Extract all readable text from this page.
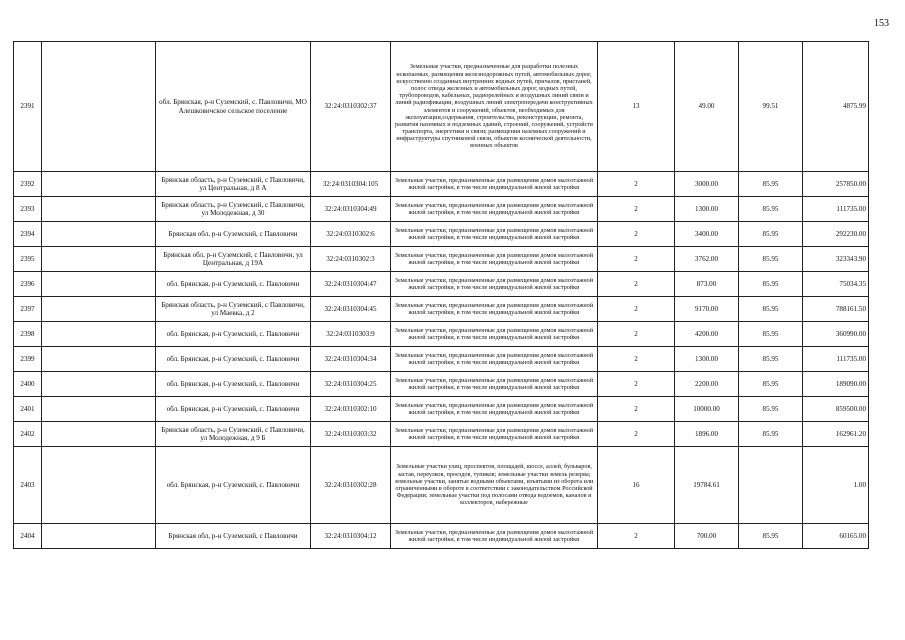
153
2391		обл. Брянская, р-н Суземский, с. Павловичи, МО Алешковичское сельское поселение	32:24:0310302:37	Земельные участки, предназначенные для разработки полезных ископаемых, размещения железнодорожных путей, автомобильных дорог, искусственно созданных внутренних водных путей, причалов, пристаней, полос отвода железных и автомобильных дорог, водных путей, трубопроводов, кабельных, радиорелейных и воздушных линий связи и линий радиофикации, воздушных линий электропередачи конструктивных элементов и сооружений, объектов, необходимых для эксплуатации,содержания, строительства, реконструкции, ремонта, развития наземных и подземных зданий, строений, сооружений, устройств транспорта, энергетики и связи; размещения наземных сооружений и инфраструктуры спутниковой связи, объектов космической деятельности, военных объектов	13	49.00	99.51	4875.99
2392		Брянская область, р-н Суземский, с Павловичи, ул Центральная, д 8 А	32:24:0310304:105	Земельные участки, предназначенные для размещения домов малоэтажной жилой застройки, в том числе индивидуальной жилой застройки	2	3000.00	85.95	257850.00
2393		Брянская область, р-н Суземский, с Павловичи, ул Молодежная, д 30	32:24:0310304:49	Земельные участки, предназначенные для размещения домов малоэтажной жилой застройки, в том числе индивидуальной жилой застройки	2	1300.00	85.95	111735.00
2394		Брянская обл, р-н Суземский, с Павловичи	32:24:0310302:6	Земельные участки, предназначенные для размещения домов малоэтажной жилой застройки, в том числе индивидуальной жилой застройки	2	3400.00	85.95	292230.00
2395		Брянская обл, р-н Суземский, с Павловичи, ул Центральная, д 19А	32:24:0310302:3	Земельные участки, предназначенные для размещения домов малоэтажной жилой застройки, в том числе индивидуальной жилой застройки	2	3762.00	85.95	323343.90
2396		обл. Брянская, р-н Суземский, с. Павловичи	32:24:0310304:47	Земельные участки, предназначенные для размещения домов малоэтажной жилой застройки, в том числе индивидуальной жилой застройки	2	873.00	85.95	75034.35
2397		Брянская область, р-н Суземский, с Павловичи, ул Маевка, д 2	32:24:0310304:45	Земельные участки, предназначенные для размещения домов малоэтажной жилой застройки, в том числе индивидуальной жилой застройки	2	9170.00	85.95	788161.50
2398		обл. Брянская, р-н Суземский, с. Павловичи	32:24:0310303:9	Земельные участки, предназначенные для размещения домов малоэтажной жилой застройки, в том числе индивидуальной жилой застройки	2	4200.00	85.95	360990.00
2399		обл. Брянская, р-н Суземский, с. Павловичи	32:24:0310304:34	Земельные участки, предназначенные для размещения домов малоэтажной жилой застройки, в том числе индивидуальной жилой застройки	2	1300.00	85.95	111735.00
2400		обл. Брянская, р-н Суземский, с. Павловичи	32:24:0310304:25	Земельные участки, предназначенные для размещения домов малоэтажной жилой застройки, в том числе индивидуальной жилой застройки	2	2200.00	85.95	189090.00
2401		обл. Брянская, р-н Суземский, с. Павловичи	32:24:0310302:10	Земельные участки, предназначенные для размещения домов малоэтажной жилой застройки, в том числе индивидуальной жилой застройки	2	10000.00	85.95	859500.00
2402		Брянская область, р-н Суземский, с Павловичи, ул Молодежная, д 9 Б	32:24:0310303:32	Земельные участки, предназначенные для размещения домов малоэтажной жилой застройки, в том числе индивидуальной жилой застройки	2	1896.00	85.95	162961.20
2403		обл. Брянская, р-н Суземский, с. Павловичи	32:24:0310302:28	Земельные участки улиц, проспектов, площадей, шоссе, аллей, бульваров, застав, переулков, проездов, тупиков; земельные участки земель резерва; земельные участки, занятые водными объектами, изъятыми из оборота или ограниченными в обороте в соответствии с законодательством Российской Федерации; земельные участки под полосами отвода водоемов, каналов и коллекторов, набережные	16	19784.61		1.00
2404		Брянская обл, р-н Суземский, с Павловичи	32:24:0310304:12	Земельные участки, предназначенные для размещения домов малоэтажной жилой застройки, в том числе индивидуальной жилой застройки	2	700.00	85.95	60165.00
